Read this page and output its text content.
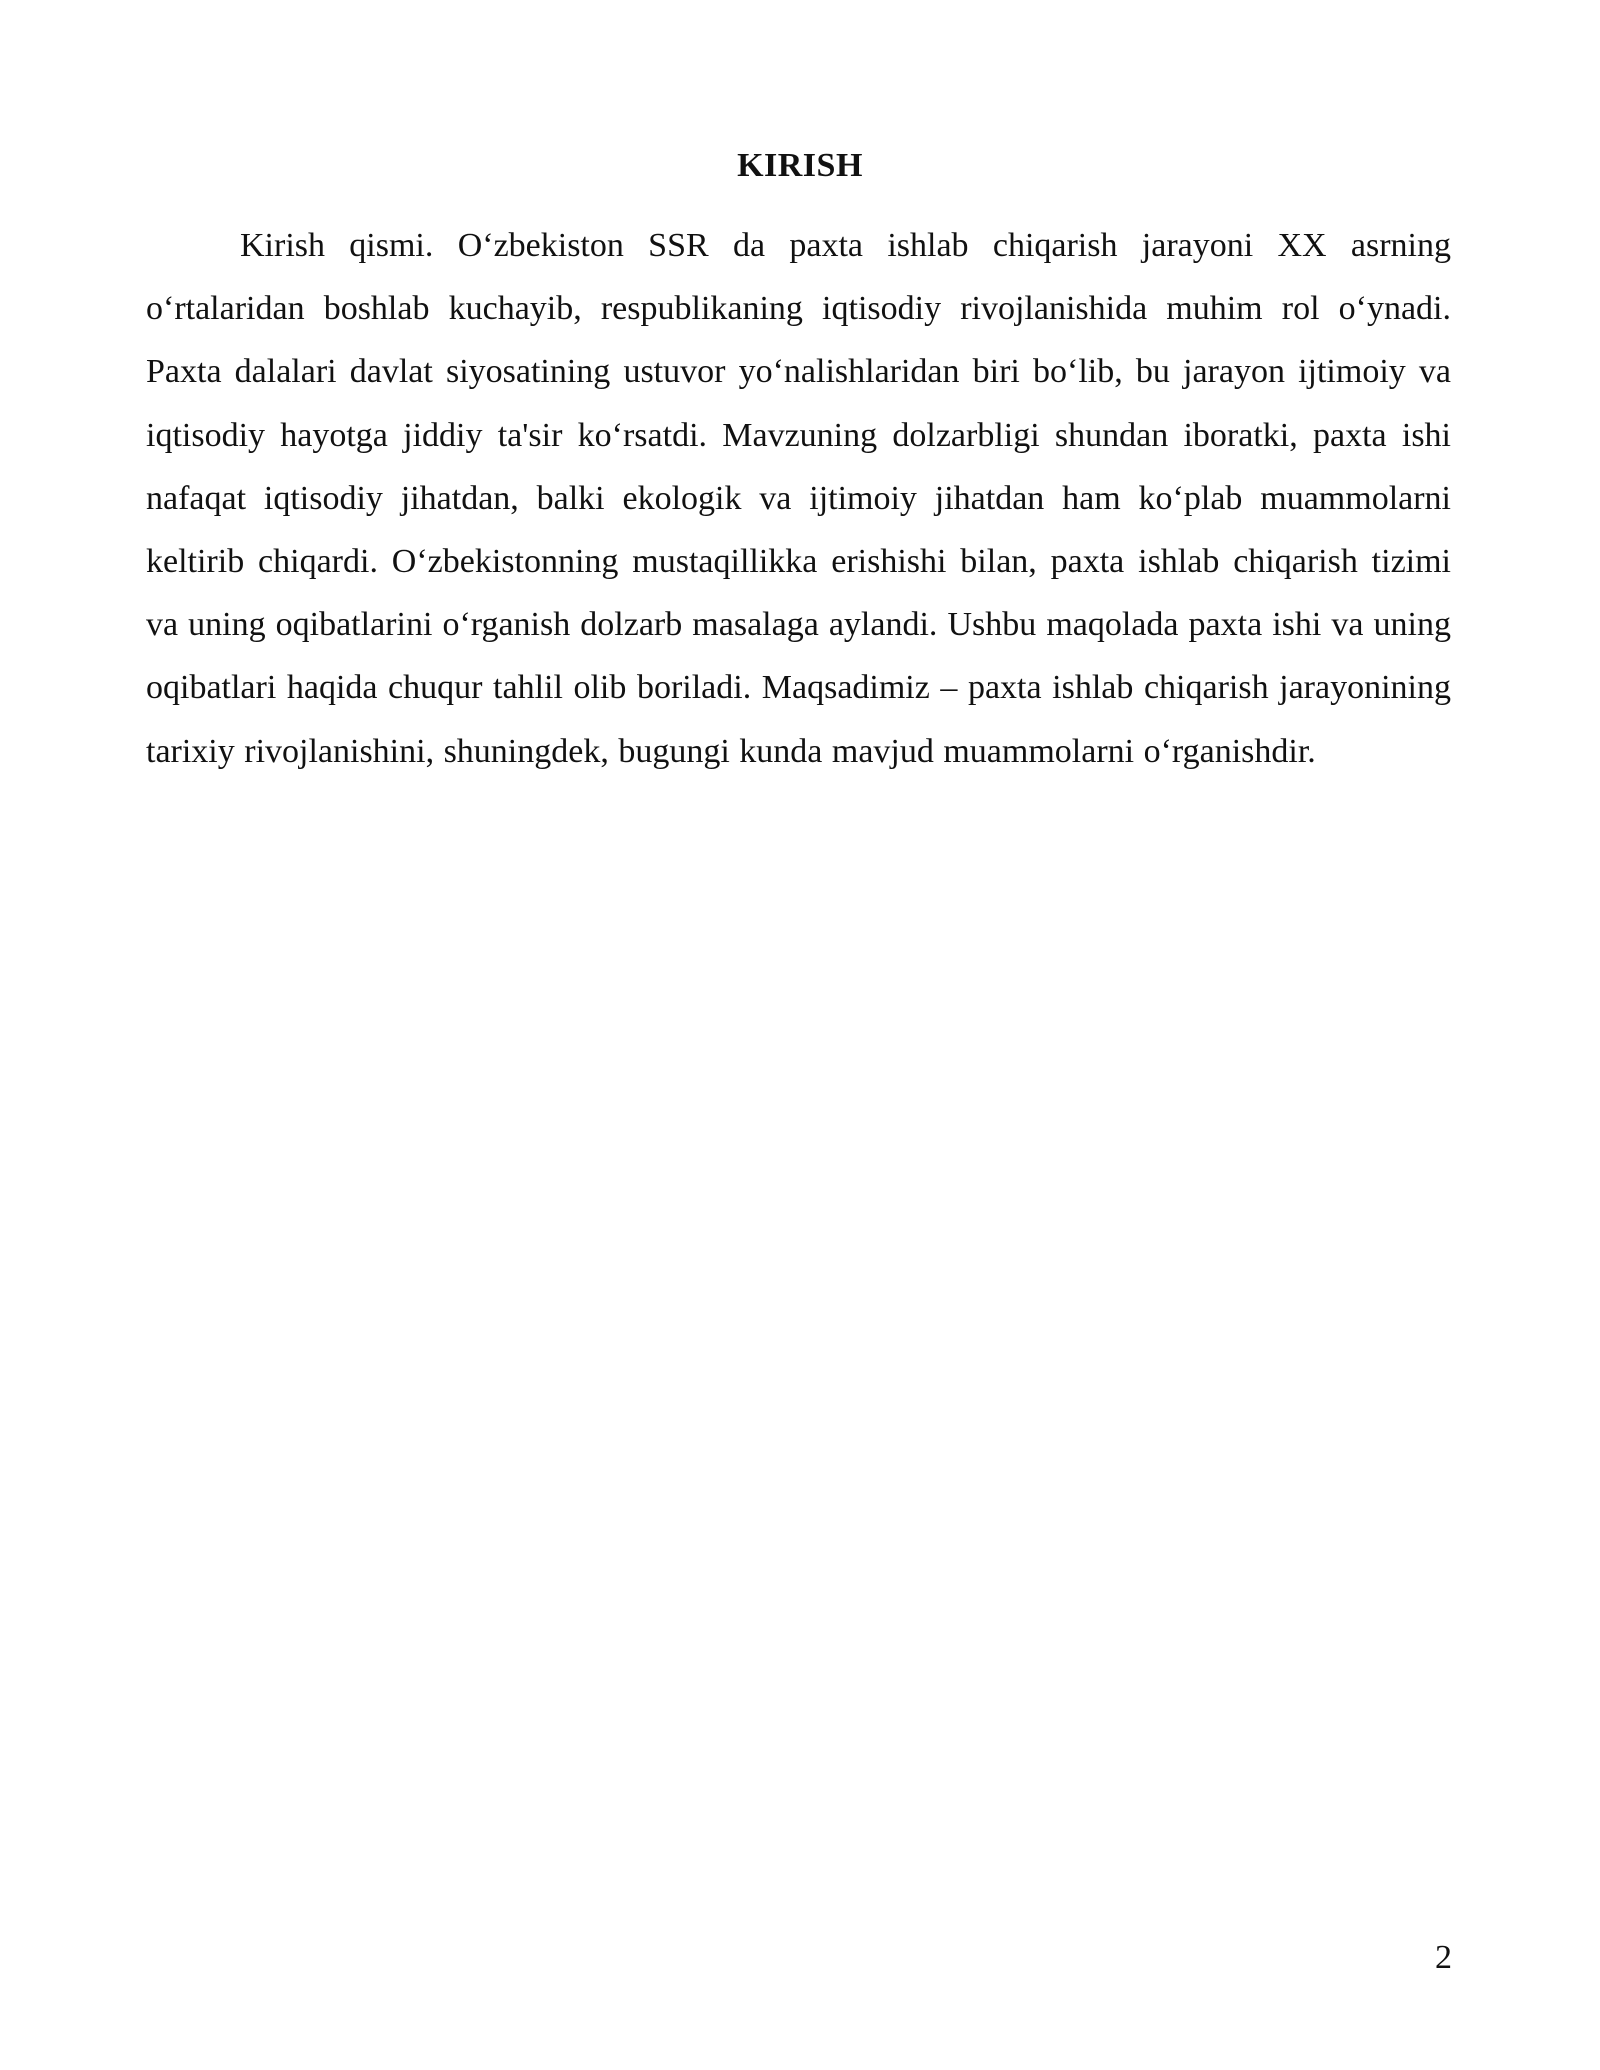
KIRISH

Kirish qismi. O‘zbekiston SSR da paxta ishlab chiqarish jarayoni XX asrning o‘rtalaridan boshlab kuchayib, respublikaning iqtisodiy rivojlanishida muhim rol o‘ynadi. Paxta dalalari davlat siyosatining ustuvor yo‘nalishlaridan biri bo‘lib, bu jarayon ijtimoiy va iqtisodiy hayotga jiddiy ta'sir ko‘rsatdi. Mavzuning dolzarbligi shundan iboratki, paxta ishi nafaqat iqtisodiy jihatdan, balki ekologik va ijtimoiy jihatdan ham ko‘plab muammolarni keltirib chiqardi. O‘zbekistonning mustaqillikka erishishi bilan, paxta ishlab chiqarish tizimi va uning oqibatlarini o‘rganish dolzarb masalaga aylandi. Ushbu maqolada paxta ishi va uning oqibatlari haqida chuqur tahlil olib boriladi. Maqsadimiz – paxta ishlab chiqarish jarayonining tarixiy rivojlanishini, shuningdek, bugungi kunda mavjud muammolarni o‘rganishdir.

2
